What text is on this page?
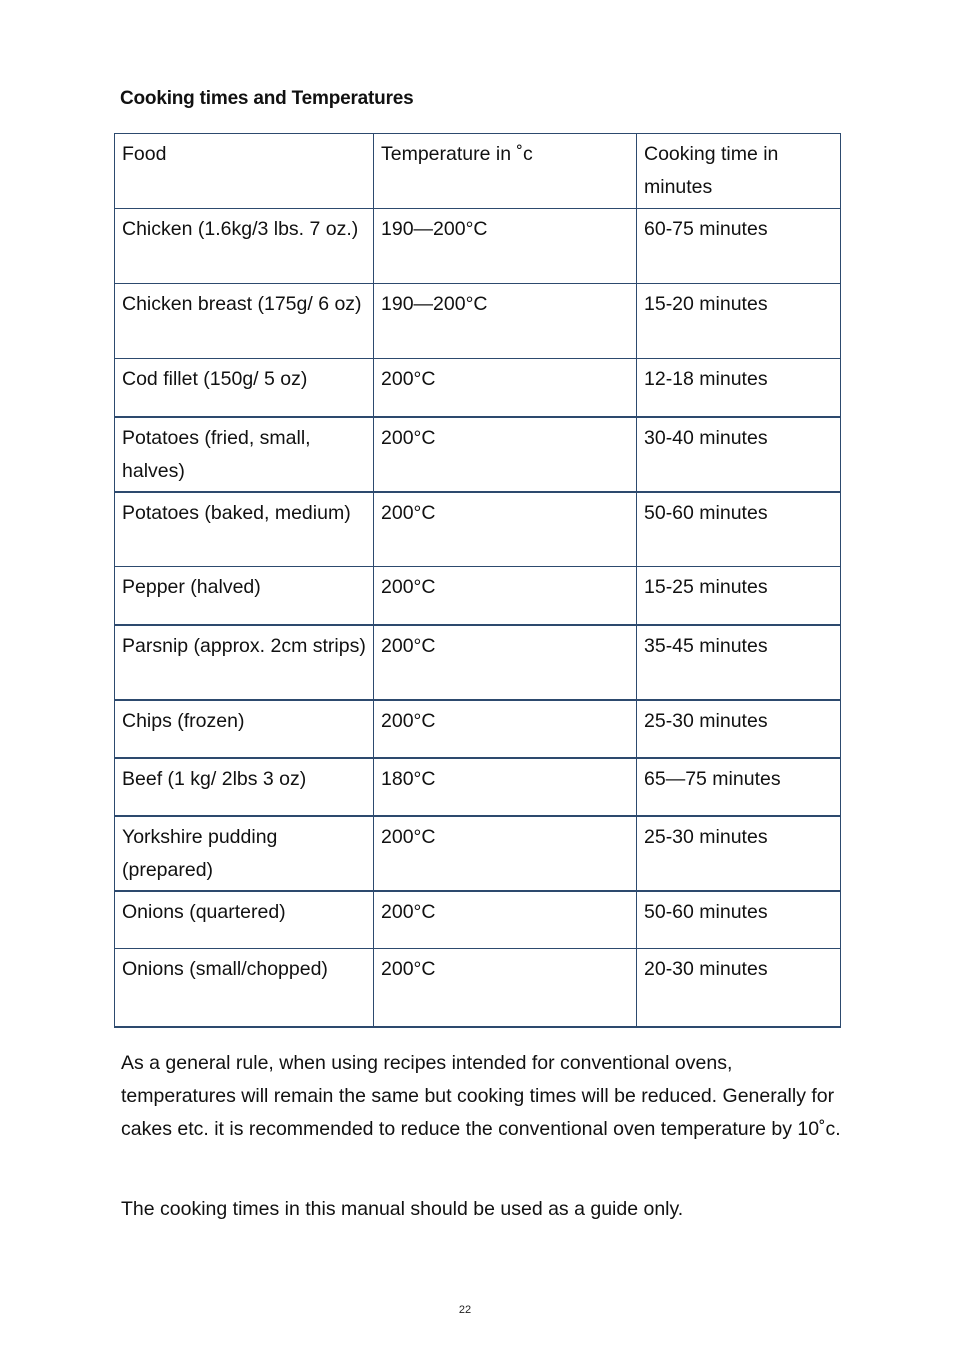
Cooking times and Temperatures
Food	Temperature in ˚c	Cooking time in minutes
Chicken (1.6kg/3 lbs. 7 oz.)	190—200°C	60-75 minutes
Chicken breast (175g/ 6 oz)	190—200°C	15-20 minutes
Cod fillet (150g/ 5 oz)	200°C	12-18 minutes
Potatoes (fried, small, halves)	200°C	30-40 minutes
Potatoes (baked, medium)	200°C	50-60 minutes
Pepper (halved)	200°C	15-25 minutes
Parsnip (approx. 2cm strips)	200°C	35-45 minutes
Chips (frozen)	200°C	25-30 minutes
Beef (1 kg/ 2lbs 3 oz)	180°C	65—75 minutes
Yorkshire pudding (prepared)	200°C	25-30 minutes
Onions (quartered)	200°C	50-60 minutes
Onions (small/chopped)	200°C	20-30 minutes

As a general rule, when using recipes intended for conventional ovens, temperatures will remain the same but cooking times will be reduced. Generally for cakes etc. it is recommended to reduce the conventional oven temperature by 10˚c.

The cooking times in this manual should be used as a guide only.

22
